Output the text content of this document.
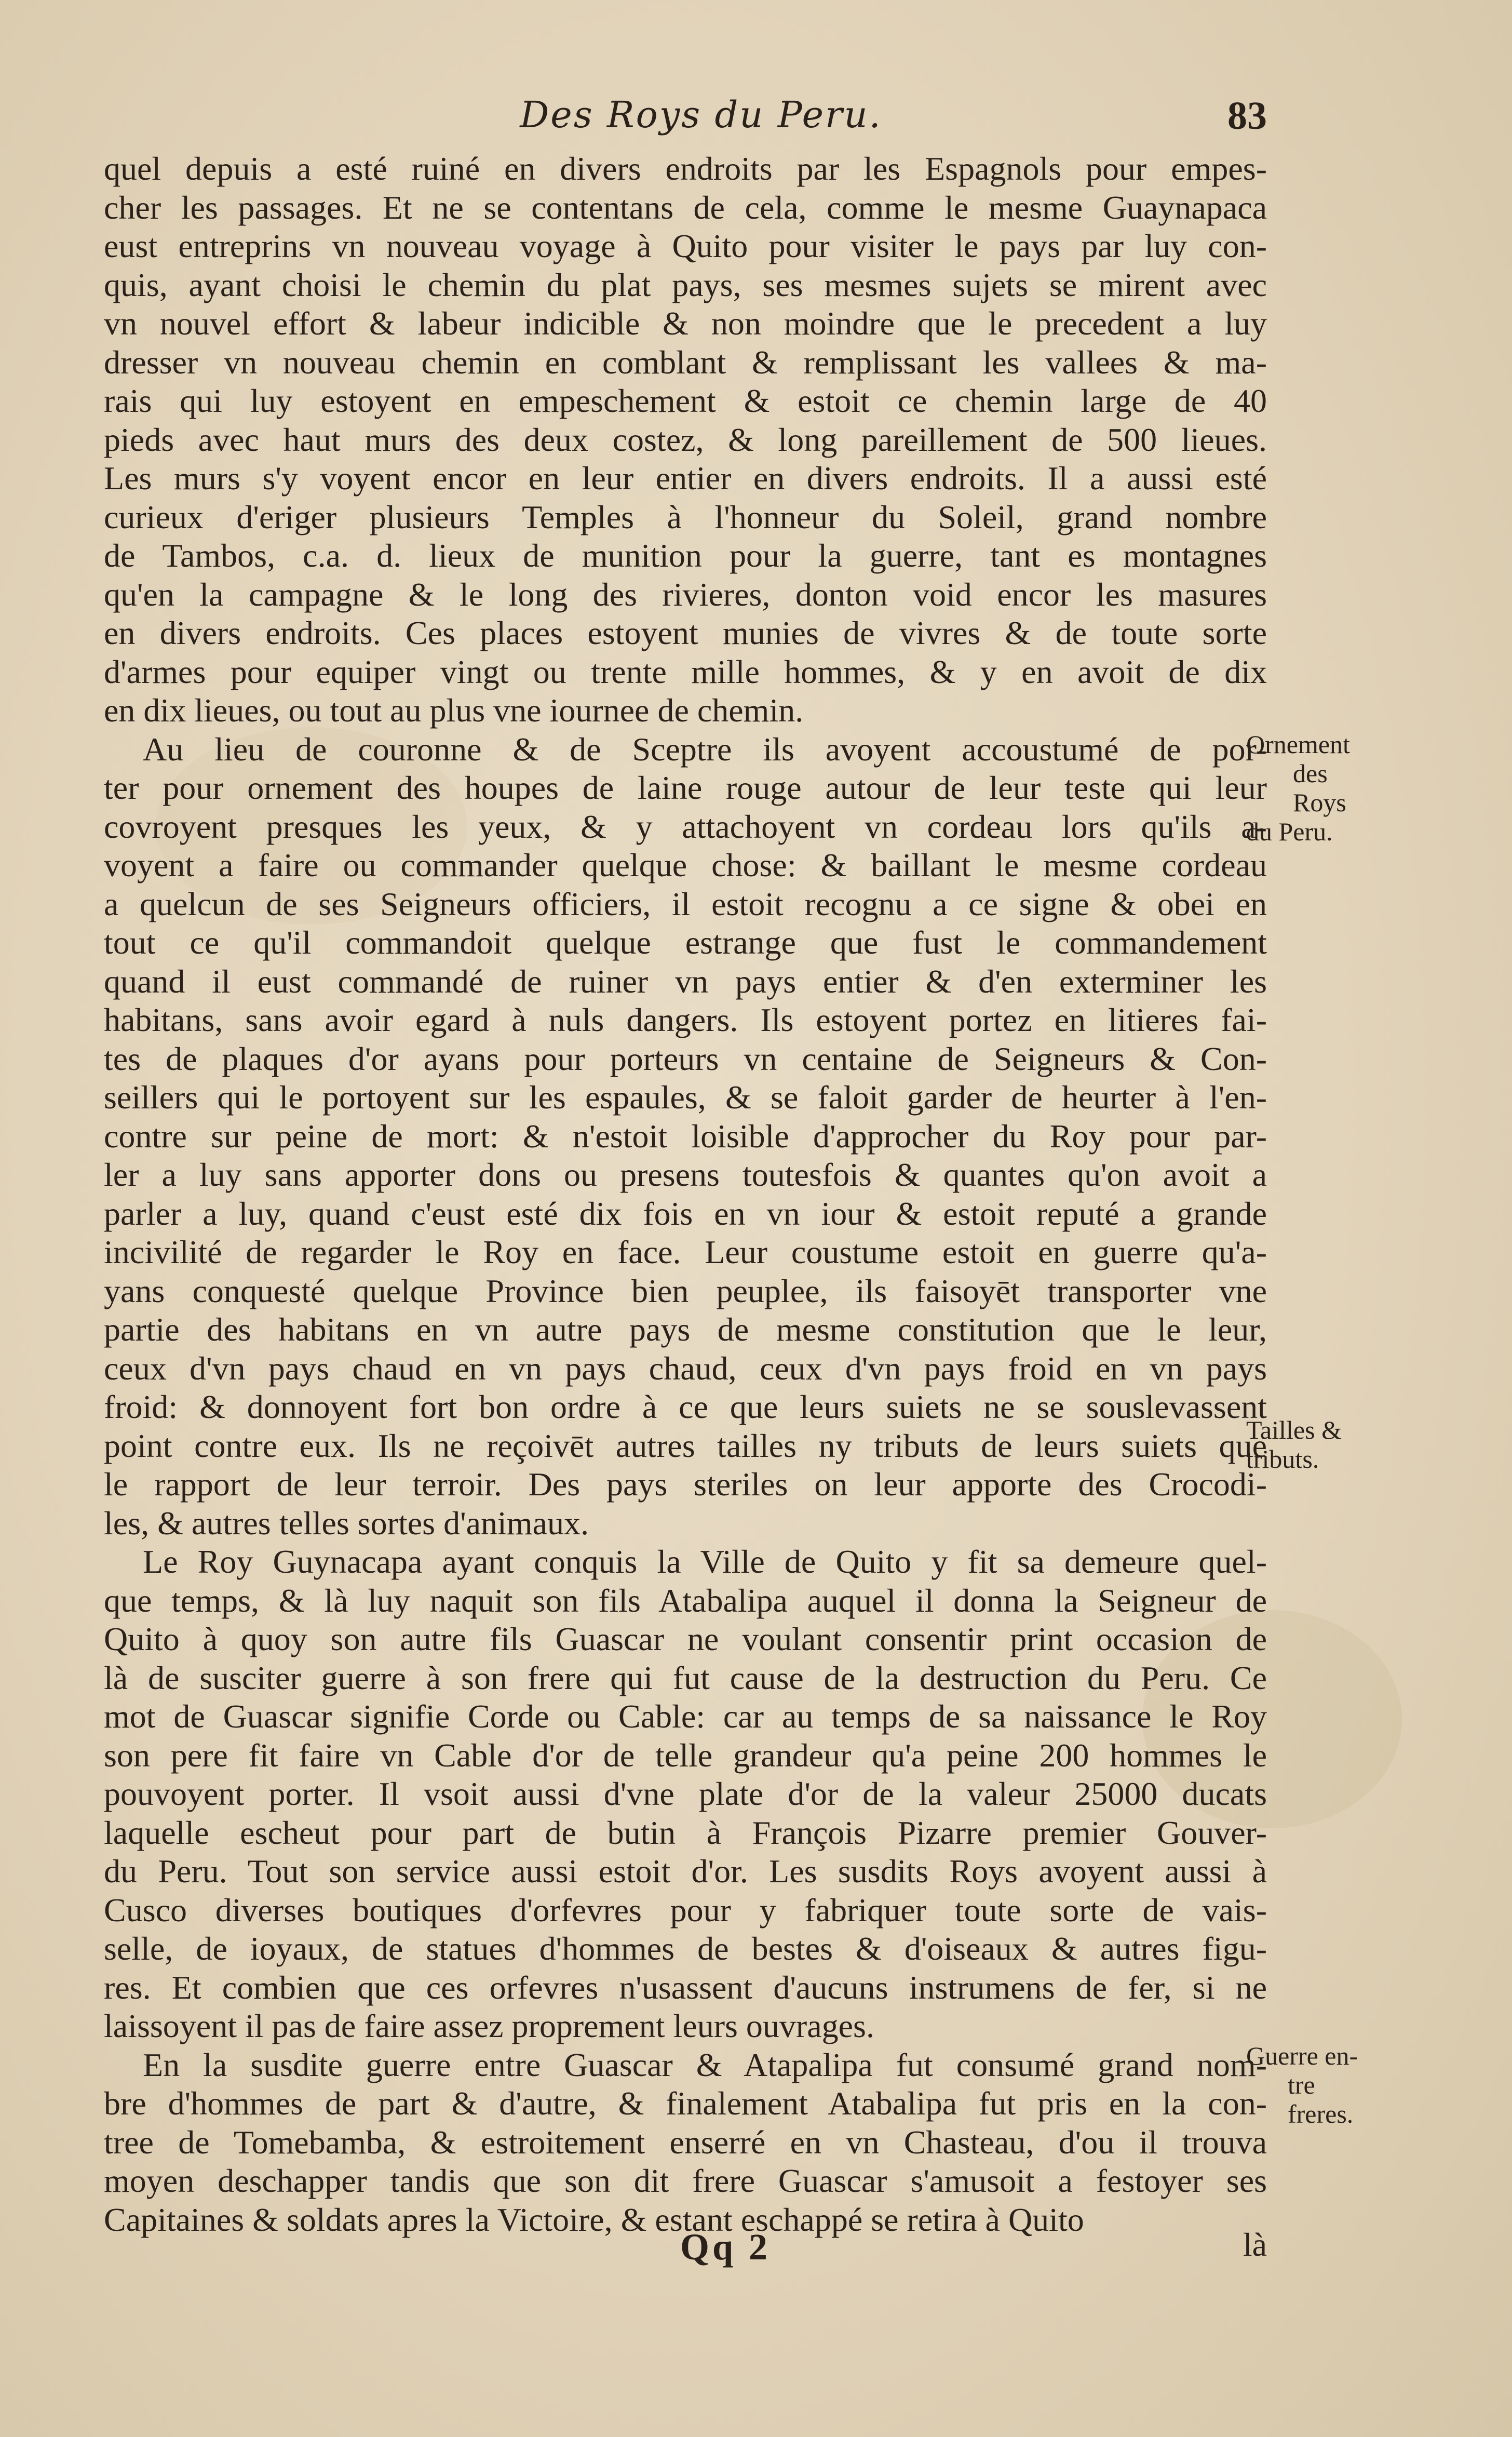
Des Roys du Peru.	83
quel depuis a esté ruiné en divers endroits par les Espagnols pour empes-
cher les passages. Et ne se contentans de cela, comme le mesme Guaynapaca
eust entreprins vn nouveau voyage à Quito pour visiter le pays par luy con-
quis, ayant choisi le chemin du plat pays, ses mesmes sujets se mirent avec
vn nouvel effort & labeur indicible & non moindre que le precedent a luy
dresser vn nouveau chemin en comblant & remplissant les vallees & ma-
rais qui luy estoyent en empeschement & estoit ce chemin large de 40
pieds avec haut murs des deux costez, & long pareillement de 500 lieues.
Les murs s'y voyent encor en leur entier en divers endroits. Il a aussi esté
curieux d'eriger plusieurs Temples à l'honneur du Soleil, grand nombre
de Tambos, c.a. d. lieux de munition pour la guerre, tant es montagnes
qu'en la campagne & le long des rivieres, donton void encor les masures
en divers endroits. Ces places estoyent munies de vivres & de toute sorte
d'armes pour equiper vingt ou trente mille hommes, & y en avoit de dix
en dix lieues, ou tout au plus vne iournee de chemin.
Au lieu de couronne & de Sceptre ils avoyent accoustumé de por-
ter pour ornement des houpes de laine rouge autour de leur teste qui leur
covroyent presques les yeux, & y attachoyent vn cordeau lors qu'ils a-
voyent a faire ou commander quelque chose: & baillant le mesme cordeau
a quelcun de ses Seigneurs officiers, il estoit recognu a ce signe & obei en
tout ce qu'il commandoit quelque estrange que fust le commandement
quand il eust commandé de ruiner vn pays entier & d'en exterminer les
habitans, sans avoir egard à nuls dangers. Ils estoyent portez en litieres fai-
tes de plaques d'or ayans pour porteurs vn centaine de Seigneurs & Con-
seillers qui le portoyent sur les espaules, & se faloit garder de heurter à l'en-
contre sur peine de mort: & n'estoit loisible d'approcher du Roy pour par-
ler a luy sans apporter dons ou presens toutesfois & quantes qu'on avoit a
parler a luy, quand c'eust esté dix fois en vn iour & estoit reputé a grande
incivilité de regarder le Roy en face. Leur coustume estoit en guerre qu'a-
yans conquesté quelque Province bien peuplee, ils faisoyēt transporter vne
partie des habitans en vn autre pays de mesme constitution que le leur,
ceux d'vn pays chaud en vn pays chaud, ceux d'vn pays froid en vn pays
froid: & donnoyent fort bon ordre à ce que leurs suiets ne se souslevassent
point contre eux. Ils ne reçoivēt autres tailles ny tributs de leurs suiets que
le rapport de leur terroir. Des pays steriles on leur apporte des Crocodi-
les, & autres telles sortes d'animaux.
Le Roy Guynacapa ayant conquis la Ville de Quito y fit sa demeure quel-
que temps, & là luy naquit son fils Atabalipa auquel il donna la Seigneur de
Quito à quoy son autre fils Guascar ne voulant consentir print occasion de
là de susciter guerre à son frere qui fut cause de la destruction du Peru. Ce
mot de Guascar signifie Corde ou Cable: car au temps de sa naissance le Roy
son pere fit faire vn Cable d'or de telle grandeur qu'a peine 200 hommes le
pouvoyent porter. Il vsoit aussi d'vne plate d'or de la valeur 25000 ducats
laquelle escheut pour part de butin à François Pizarre premier Gouver-
du Peru. Tout son service aussi estoit d'or. Les susdits Roys avoyent aussi à
Cusco diverses boutiques d'orfevres pour y fabriquer toute sorte de vais-
selle, de ioyaux, de statues d'hommes de bestes & d'oiseaux & autres figu-
res. Et combien que ces orfevres n'usassent d'aucuns instrumens de fer, si ne
laissoyent il pas de faire assez proprement leurs ouvrages.
En la susdite guerre entre Guascar & Atapalipa fut consumé grand nom-
bre d'hommes de part & d'autre, & finalement Atabalipa fut pris en la con-
tree de Tomebamba, & estroitement enserré en vn Chasteau, d'ou il trouva
moyen deschapper tandis que son dit frere Guascar s'amusoit a festoyer ses
Capitaines & soldats apres la Victoire, & estant eschappé se retira à Quito
Ornement
des Roys
du Peru.
Tailles &
tributs.
Guerre en-
tre freres.
Qq 2	là
